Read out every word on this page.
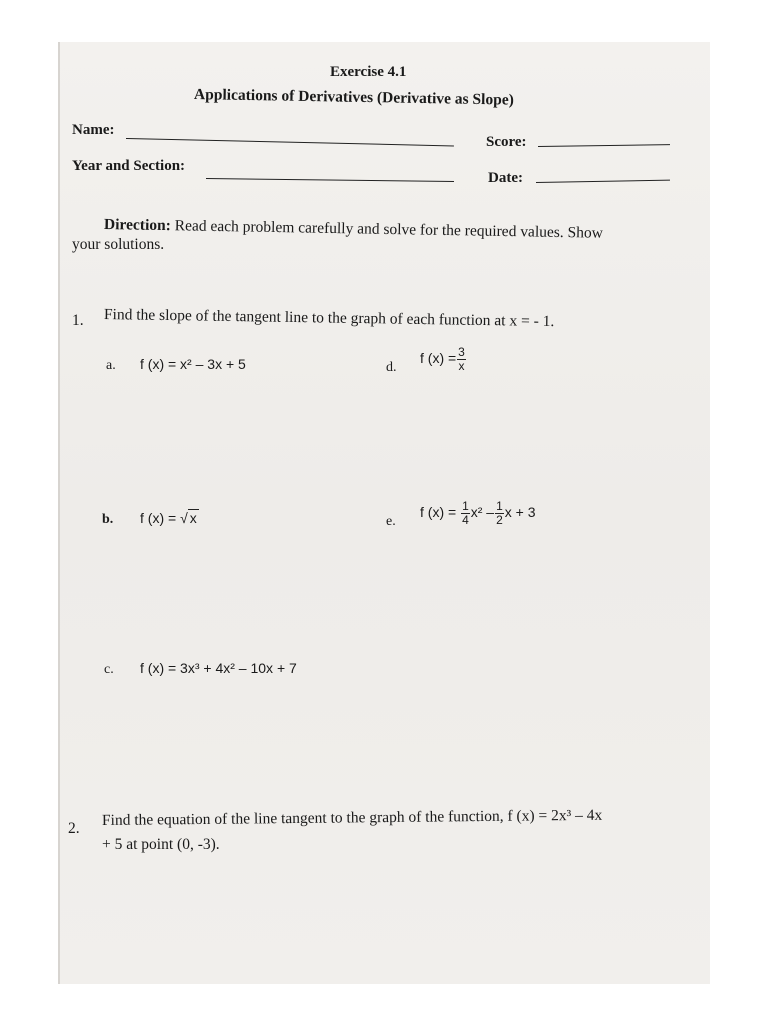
Exercise 4.1
Applications of Derivatives (Derivative as Slope)
Name:
Score:
Year and Section:
Date:
Direction: Read each problem carefully and solve for the required values. Show
your solutions.
1. Find the slope of the tangent line to the graph of each function at x = - 1.
a. f (x) = x² – 3x + 5	d.
f $(x) = \frac{3}{x}$
b. f (x) = √ x	e.
f $(x) = \frac{1}{4} x^2 - \frac{1}{2}$ x + 3
c. f (x) = 3x³ + 4x² – 10x + 7
2. Find the equation of the line tangent to the graph of the function, f (x) = 2x³ – 4x
+ 5 at point (0, -3).
